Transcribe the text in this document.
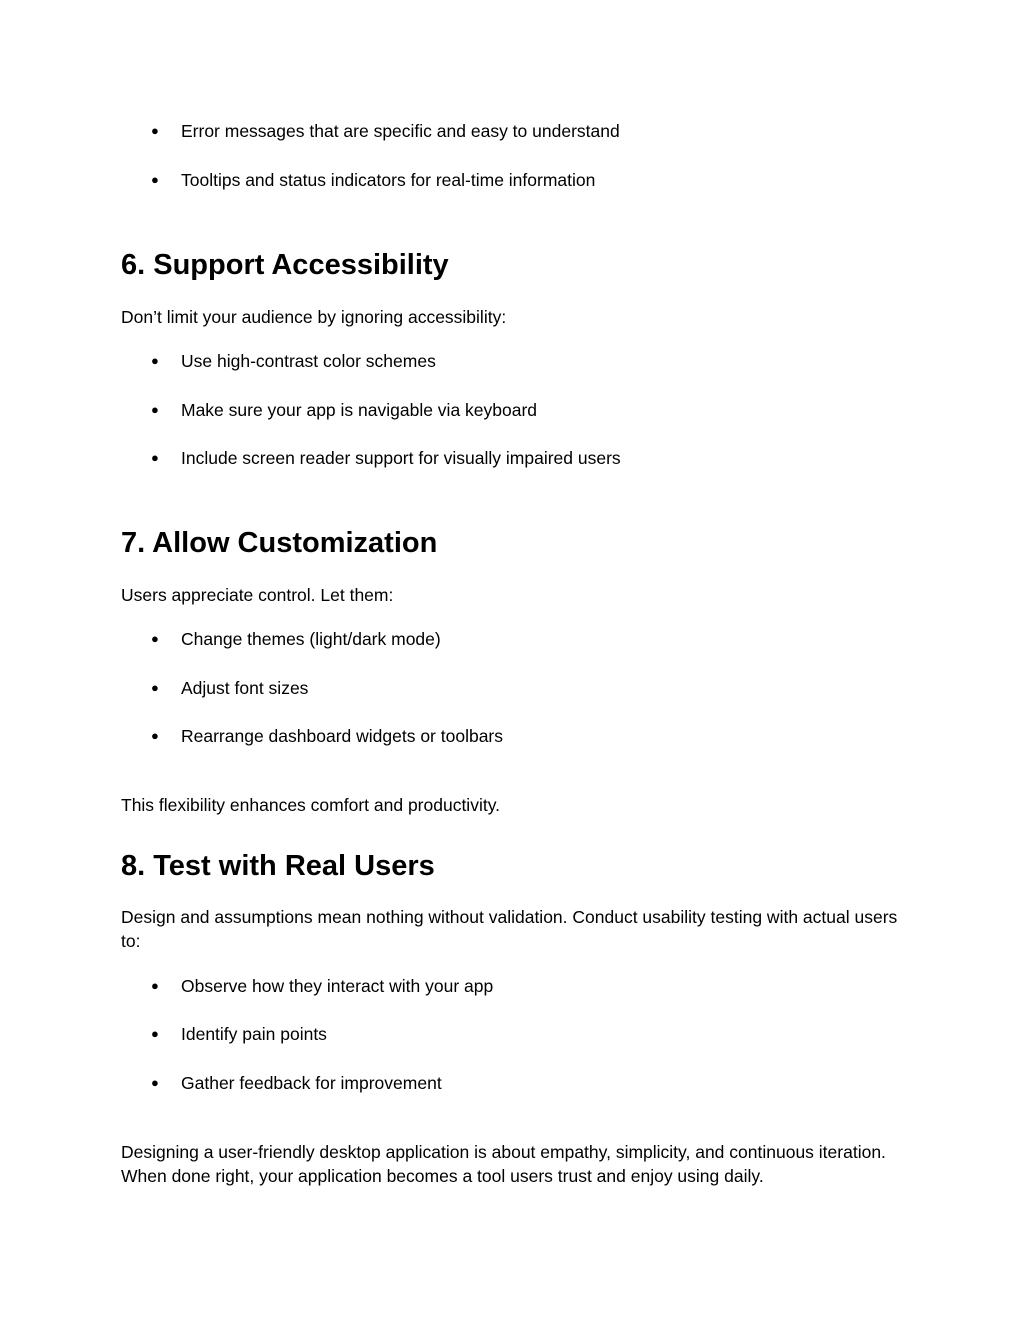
● Error messages that are specific and easy to understand
● Tooltips and status indicators for real-time information
6. Support Accessibility
Don’t limit your audience by ignoring accessibility:
● Use high-contrast color schemes
● Make sure your app is navigable via keyboard
● Include screen reader support for visually impaired users
7. Allow Customization
Users appreciate control. Let them:
● Change themes (light/dark mode)
● Adjust font sizes
● Rearrange dashboard widgets or toolbars
This flexibility enhances comfort and productivity.
8. Test with Real Users
Design and assumptions mean nothing without validation. Conduct usability testing with actual users to:
● Observe how they interact with your app
● Identify pain points
● Gather feedback for improvement
Designing a user-friendly desktop application is about empathy, simplicity, and continuous iteration. When done right, your application becomes a tool users trust and enjoy using daily.
